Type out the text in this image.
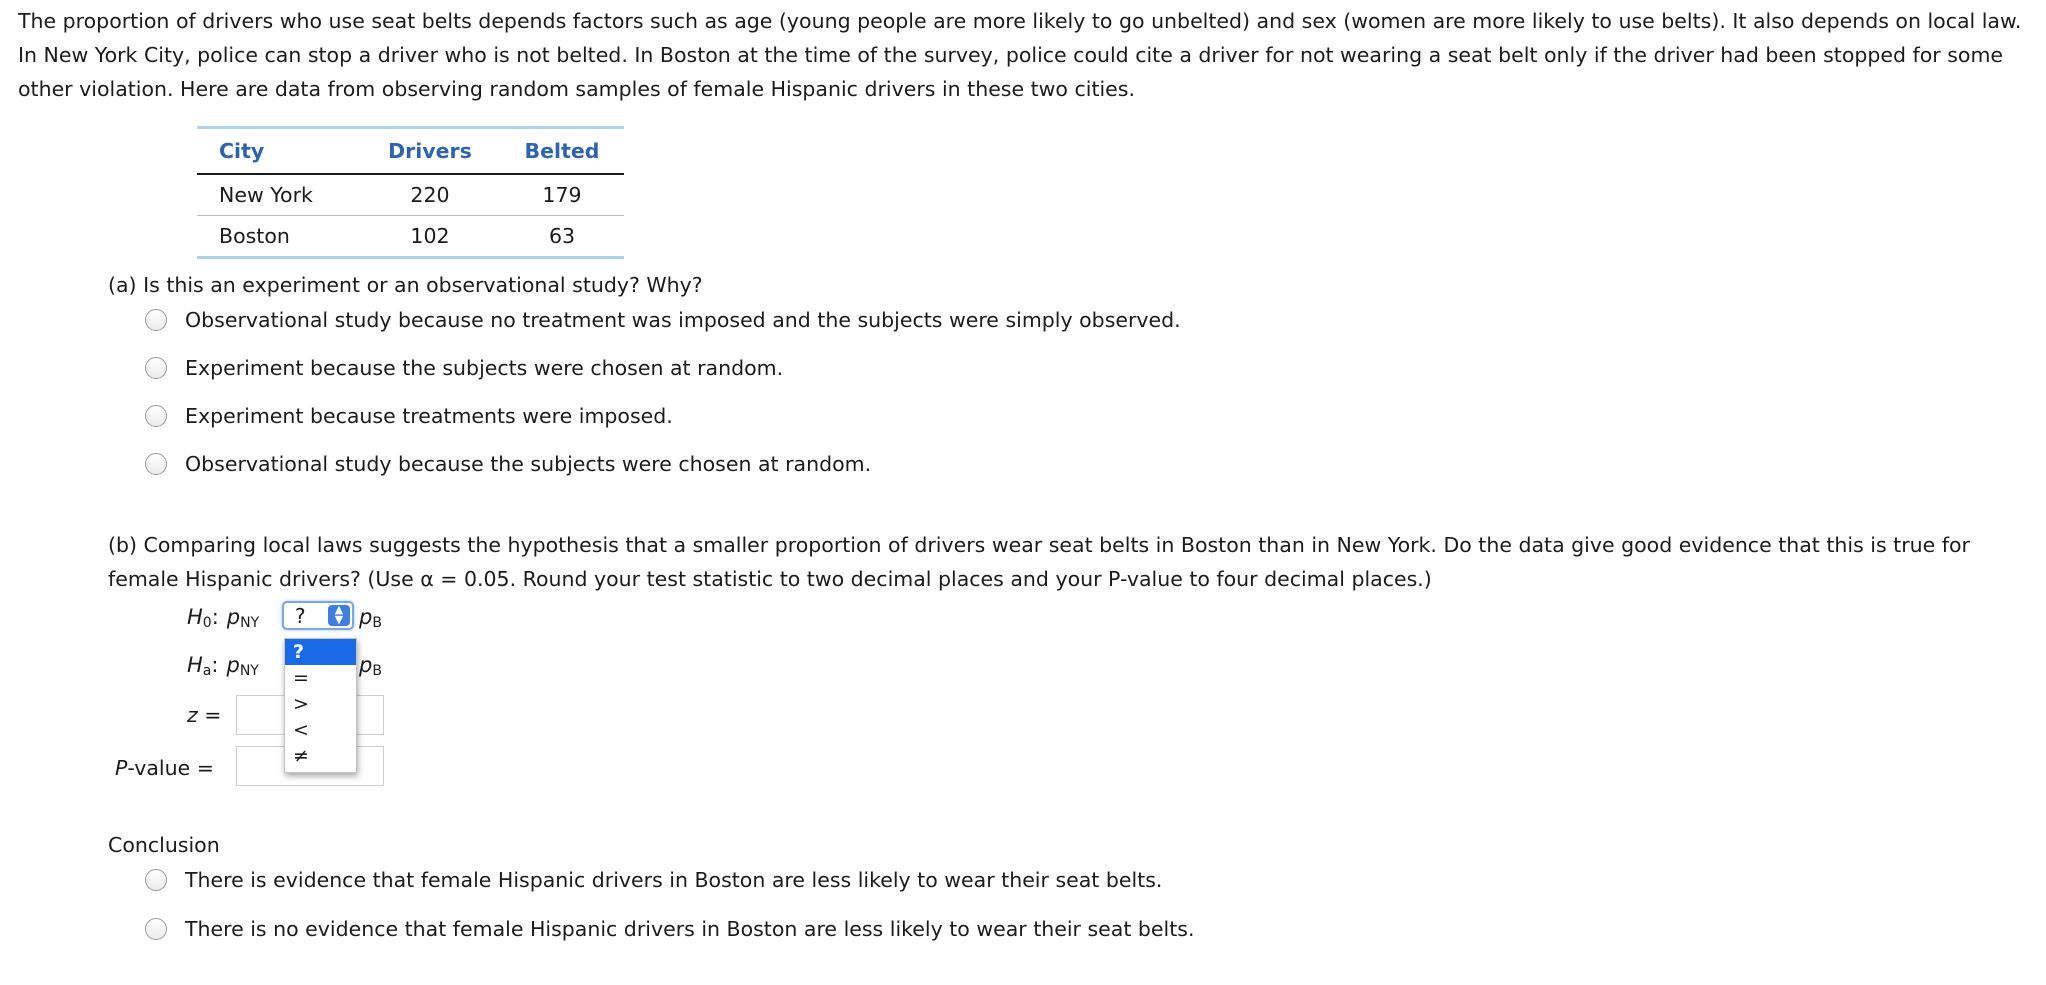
The proportion of drivers who use seat belts depends factors such as age (young people are more likely to go unbelted) and sex (women are more likely to use belts). It also depends on local law. In New York City, police can stop a driver who is not belted. In Boston at the time of the survey, police could cite a driver for not wearing a seat belt only if the driver had been stopped for some other violation. Here are data from observing random samples of female Hispanic drivers in these two cities.
City	Drivers	Belted
New York	220	179
Boston	102	63
(a) Is this an experiment or an observational study? Why?
Observational study because no treatment was imposed and the subjects were simply observed.
Experiment because the subjects were chosen at random.
Experiment because treatments were imposed.
Observational study because the subjects were chosen at random.
(b) Comparing local laws suggests the hypothesis that a smaller proportion of drivers wear seat belts in Boston than in New York. Do the data give good evidence that this is true for female Hispanic drivers? (Use α = 0.05. Round your test statistic to two decimal places and your P-value to four decimal places.)
H 0 : p NY ?	▲
▼ p B
H a : p NY	p B
z =
P-value =
?
=
>
<
≠
Conclusion
There is evidence that female Hispanic drivers in Boston are less likely to wear their seat belts.
There is no evidence that female Hispanic drivers in Boston are less likely to wear their seat belts.
